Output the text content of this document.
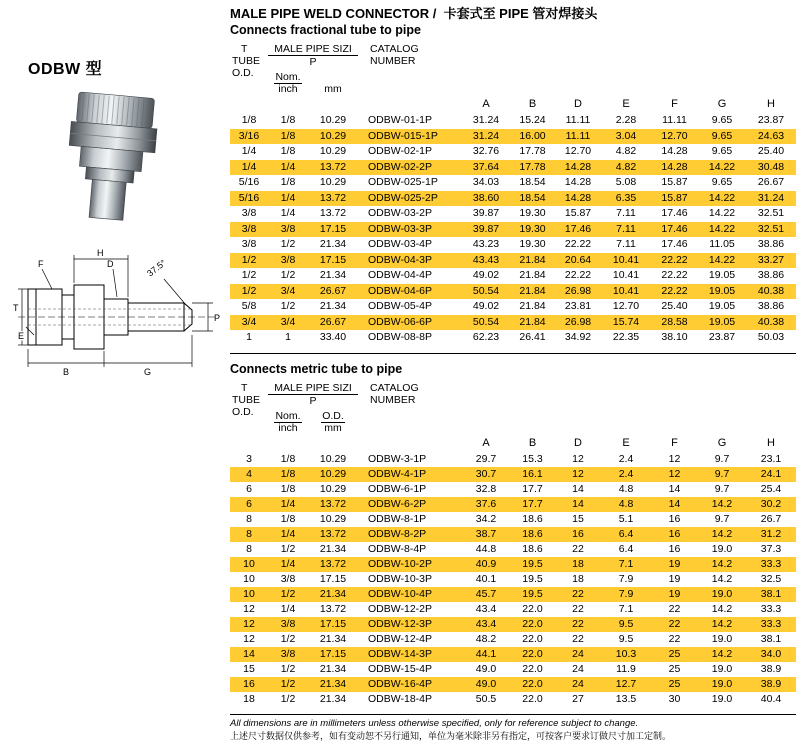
ODBW 型
F
H
D	37.5°
T
E
P
B	G
MALE PIPE WELD CONNECTOR / 卡套式至 PIPE 管对焊接头
Connects fractional tube to pipe
T
TUBE
O.D.
	MALE PIPE SIZI	CATALOG
NUMBER

	P									

	Nom.
inch	mm								

				A	B	D	E	F	G	H
1/8	1/8	10.29	ODBW-01-1P	31.24	15.24	11.11	2.28	11.11	9.65	23.87
3/16	1/8	10.29	ODBW-015-1P	31.24	16.00	11.11	3.04	12.70	9.65	24.63
1/4	1/8	10.29	ODBW-02-1P	32.76	17.78	12.70	4.82	14.28	9.65	25.40
1/4	1/4	13.72	ODBW-02-2P	37.64	17.78	14.28	4.82	14.28	14.22	30.48
5/16	1/8	10.29	ODBW-025-1P	34.03	18.54	14.28	5.08	15.87	9.65	26.67
5/16	1/4	13.72	ODBW-025-2P	38.60	18.54	14.28	6.35	15.87	14.22	31.24
3/8	1/4	13.72	ODBW-03-2P	39.87	19.30	15.87	7.11	17.46	14.22	32.51
3/8	3/8	17.15	ODBW-03-3P	39.87	19.30	17.46	7.11	17.46	14.22	32.51
3/8	1/2	21.34	ODBW-03-4P	43.23	19.30	22.22	7.11	17.46	11.05	38.86
1/2	3/8	17.15	ODBW-04-3P	43.43	21.84	20.64	10.41	22.22	14.22	33.27
1/2	1/2	21.34	ODBW-04-4P	49.02	21.84	22.22	10.41	22.22	19.05	38.86
1/2	3/4	26.67	ODBW-04-6P	50.54	21.84	26.98	10.41	22.22	19.05	40.38
5/8	1/2	21.34	ODBW-05-4P	49.02	21.84	23.81	12.70	25.40	19.05	38.86
3/4	3/4	26.67	ODBW-06-6P	50.54	21.84	26.98	15.74	28.58	19.05	40.38
1	1	33.40	ODBW-08-8P	62.23	26.41	34.92	22.35	38.10	23.87	50.03
Connects metric tube to pipe
T
TUBE
O.D.
	MALE PIPE SIZI	CATALOG
NUMBER

	P									

Nom.
inch

O.D.
mm

				A	B	D	E	F	G	H
3	1/8	10.29	ODBW-3-1P	29.7	15.3	12	2.4	12	9.7	23.1
4	1/8	10.29	ODBW-4-1P	30.7	16.1	12	2.4	12	9.7	24.1
6	1/8	10.29	ODBW-6-1P	32.8	17.7	14	4.8	14	9.7	25.4
6	1/4	13.72	ODBW-6-2P	37.6	17.7	14	4.8	14	14.2	30.2
8	1/8	10.29	ODBW-8-1P	34.2	18.6	15	5.1	16	9.7	26.7
8	1/4	13.72	ODBW-8-2P	38.7	18.6	16	6.4	16	14.2	31.2
8	1/2	21.34	ODBW-8-4P	44.8	18.6	22	6.4	16	19.0	37.3
10	1/4	13.72	ODBW-10-2P	40.9	19.5	18	7.1	19	14.2	33.3
10	3/8	17.15	ODBW-10-3P	40.1	19.5	18	7.9	19	14.2	32.5
10	1/2	21.34	ODBW-10-4P	45.7	19.5	22	7.9	19	19.0	38.1
12	1/4	13.72	ODBW-12-2P	43.4	22.0	22	7.1	22	14.2	33.3
12	3/8	17.15	ODBW-12-3P	43.4	22.0	22	9.5	22	14.2	33.3
12	1/2	21.34	ODBW-12-4P	48.2	22.0	22	9.5	22	19.0	38.1
14	3/8	17.15	ODBW-14-3P	44.1	22.0	24	10.3	25	14.2	34.0
15	1/2	21.34	ODBW-15-4P	49.0	22.0	24	11.9	25	19.0	38.9
16	1/2	21.34	ODBW-16-4P	49.0	22.0	24	12.7	25	19.0	38.9
18	1/2	21.34	ODBW-18-4P	50.5	22.0	27	13.5	30	19.0	40.4
All dimensions are in millimeters unless otherwise specified, only for reference subject to change.
上述尺寸数据仅供参考，如有变动恕不另行通知，单位为毫米除非另有指定，可按客户要求订做尺寸加工定制。
